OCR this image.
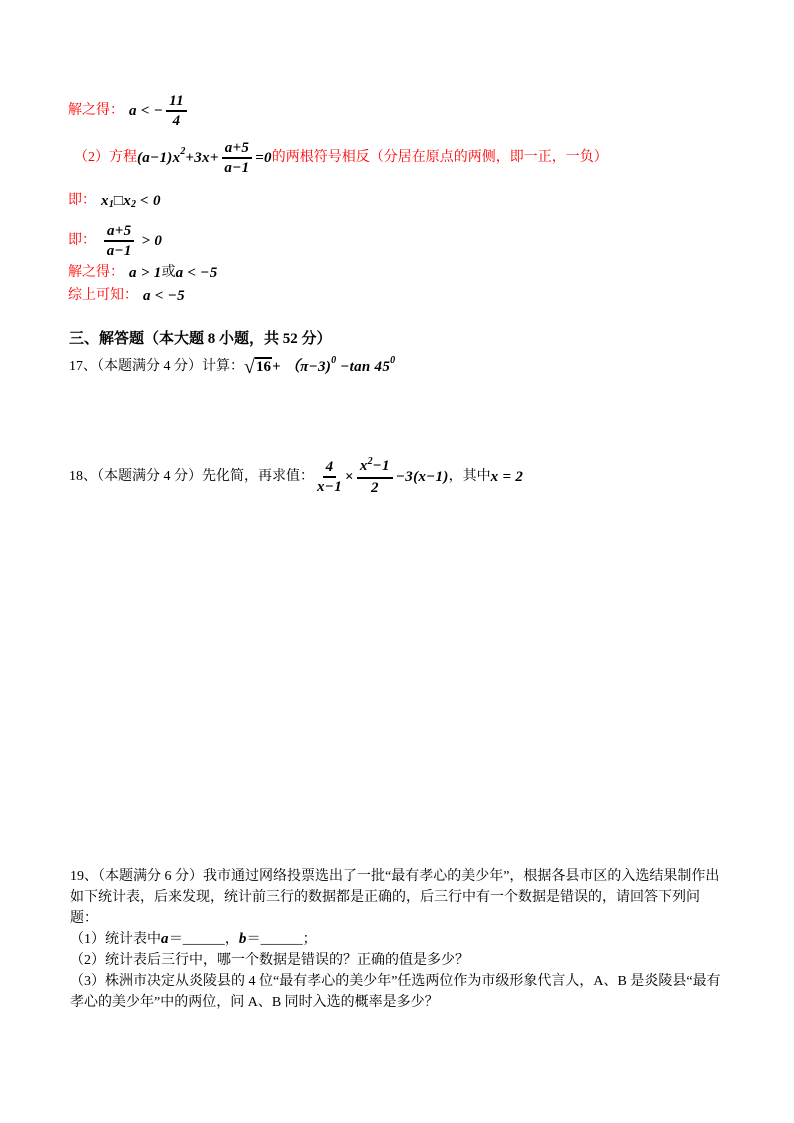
解之得： a < − $\frac{11}{4}$
（2）方程 (a−1)x $2 +3x+ \frac{a+5}{a-1} =0$ 的两根符号相反（分居在原点的两侧，即一正，一负）
即： x 1 □ x 2 < 0
即： $\frac{a+5}{a-1} > 0$
解之得： a > 1 或 a < −5
综上可知： a < −5
三、解答题（本大题 8 小题，共 52 分）
17、（本题满分 4 分）计算： √ 16 + （π−3) 0 −tan 45 0
18、（本题满分 4 分）先化简，再求值： $\frac{4}{x-1} \times \frac{x^2-1}{2} -3(x-1)$ ，其中 x = 2

19、（本题满分 6 分）我市通过网络投票选出了一批“最有孝心的美少年”，根据各县市区的入选结果制作出如下统计表，后来发现，统计前三行的数据都是正确的，后三行中有一个数据是错误的，请回答下列问题：

（1）统计表中a＝______，b＝______；

（2）统计表后三行中，哪一个数据是错误的？正确的值是多少？

（3）株洲市决定从炎陵县的 4 位“最有孝心的美少年”任选两位作为市级形象代言人，A、B 是炎陵县“最有孝心的美少年”中的两位，问 A、B 同时入选的概率是多少？
